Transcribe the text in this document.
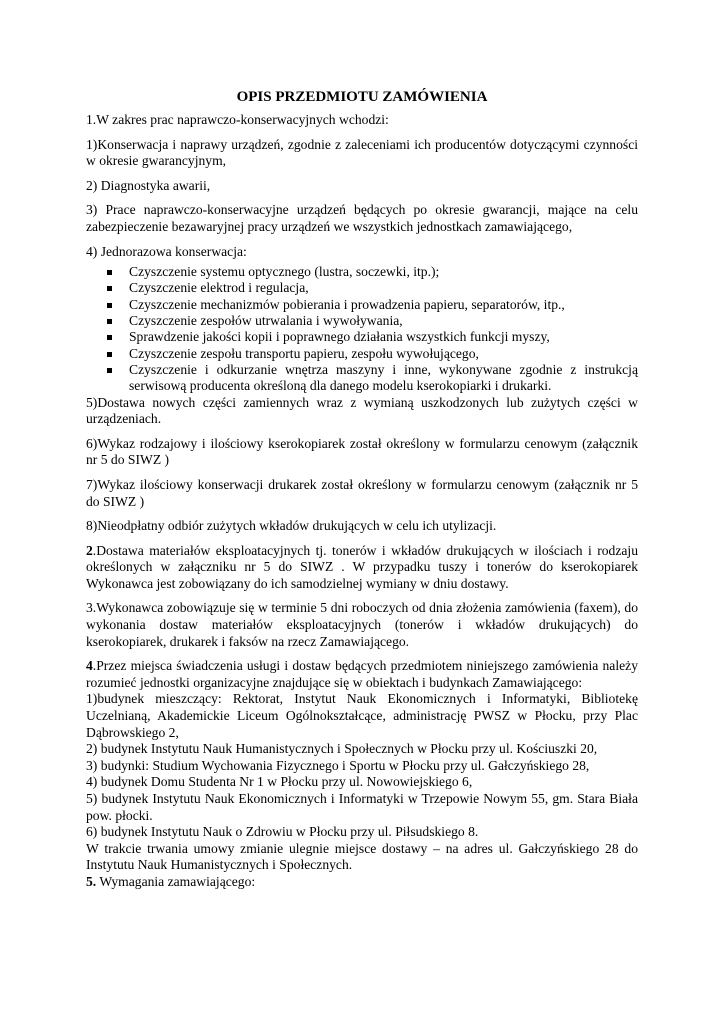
OPIS PRZEDMIOTU ZAMÓWIENIA
1.W zakres prac naprawczo-konserwacyjnych wchodzi:
1)Konserwacja i naprawy urządzeń, zgodnie z zaleceniami ich producentów dotyczącymi czynności w okresie gwarancyjnym,
2) Diagnostyka awarii,
3) Prace naprawczo-konserwacyjne urządzeń będących po okresie gwarancji, mające na celu zabezpieczenie bezawaryjnej pracy urządzeń we wszystkich jednostkach zamawiającego,
4) Jednorazowa konserwacja:
Czyszczenie systemu optycznego (lustra, soczewki, itp.);
Czyszczenie elektrod i regulacja,
Czyszczenie mechanizmów pobierania i prowadzenia papieru, separatorów, itp.,
Czyszczenie zespołów utrwalania i wywoływania,
Sprawdzenie jakości kopii i poprawnego działania wszystkich funkcji myszy,
Czyszczenie zespołu transportu papieru, zespołu wywołującego,
Czyszczenie i odkurzanie wnętrza maszyny i inne, wykonywane zgodnie z instrukcją serwisową producenta określoną dla danego modelu kserokopiarki i drukarki.
5)Dostawa nowych części zamiennych wraz z wymianą uszkodzonych lub zużytych części w urządzeniach.
6)Wykaz rodzajowy i ilościowy kserokopiarek został określony w formularzu cenowym (załącznik nr 5 do SIWZ )
7)Wykaz ilościowy konserwacji drukarek został określony w formularzu cenowym (załącznik nr 5 do SIWZ )
8)Nieodpłatny odbiór zużytych wkładów drukujących w celu ich utylizacji.
2.Dostawa materiałów eksploatacyjnych tj. tonerów i wkładów drukujących w ilościach i rodzaju określonych w załączniku nr 5 do SIWZ . W przypadku tuszy i tonerów do kserokopiarek Wykonawca jest zobowiązany do ich samodzielnej wymiany w dniu dostawy.
3.Wykonawca zobowiązuje się w terminie 5 dni roboczych od dnia złożenia zamówienia (faxem), do wykonania dostaw materiałów eksploatacyjnych (tonerów i wkładów drukujących) do kserokopiarek, drukarek i faksów na rzecz Zamawiającego.
4.Przez miejsca świadczenia usługi i dostaw będących przedmiotem niniejszego zamówienia należy rozumieć jednostki organizacyjne znajdujące się w obiektach i budynkach Zamawiającego:
1)budynek mieszczący: Rektorat, Instytut Nauk Ekonomicznych i Informatyki, Bibliotekę Uczelnianą, Akademickie Liceum Ogólnokształcące, administrację PWSZ w Płocku, przy Plac Dąbrowskiego 2,
2) budynek Instytutu Nauk Humanistycznych i Społecznych w Płocku przy ul. Kościuszki 20,
3) budynki: Studium Wychowania Fizycznego i Sportu w Płocku przy ul. Gałczyńskiego 28,
4) budynek Domu Studenta Nr 1 w Płocku przy ul. Nowowiejskiego 6,
5) budynek Instytutu Nauk Ekonomicznych i Informatyki w Trzepowie Nowym 55, gm. Stara Biała pow. płocki.
6) budynek Instytutu Nauk o Zdrowiu w Płocku przy ul. Piłsudskiego 8.
W trakcie trwania umowy zmianie ulegnie miejsce dostawy – na adres ul. Gałczyńskiego 28 do Instytutu Nauk Humanistycznych i Społecznych.
5. Wymagania zamawiającego:
